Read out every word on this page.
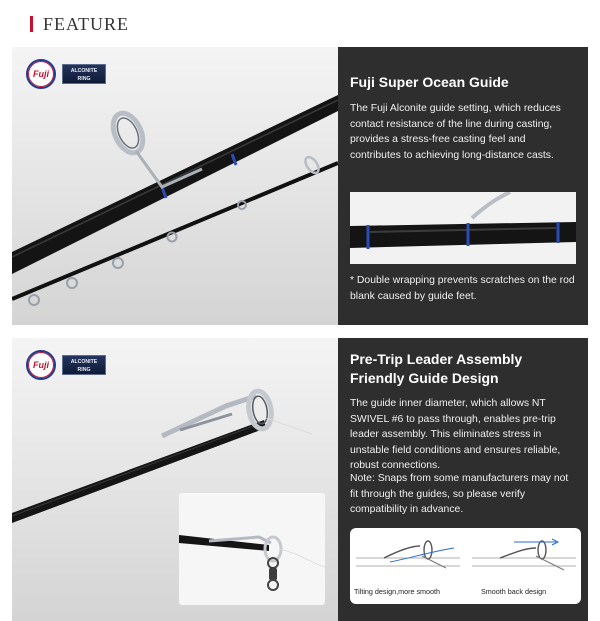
FEATURE
Fuji	ALCONITE
RING	Fuji Super Ocean Guide

The Fuji Alconite guide setting, which reduces contact resistance of the line during casting, provides a stress-free casting feel and contributes to achieving long-distance casts.

* Double wrapping prevents scratches on the rod blank caused by guide feet.

Fuji	ALCONITE
RING
Pre-Trip Leader Assembly
Friendly Guide Design

The guide inner diameter, which allows NT SWIVEL #6 to pass through, enables pre-trip leader assembly. This eliminates stress in unstable field conditions and ensures reliable, robust connections.

Note: Snaps from some manufacturers may not fit through the guides, so please verify compatibility in advance.

Tilting design,more smooth	Smooth back design
